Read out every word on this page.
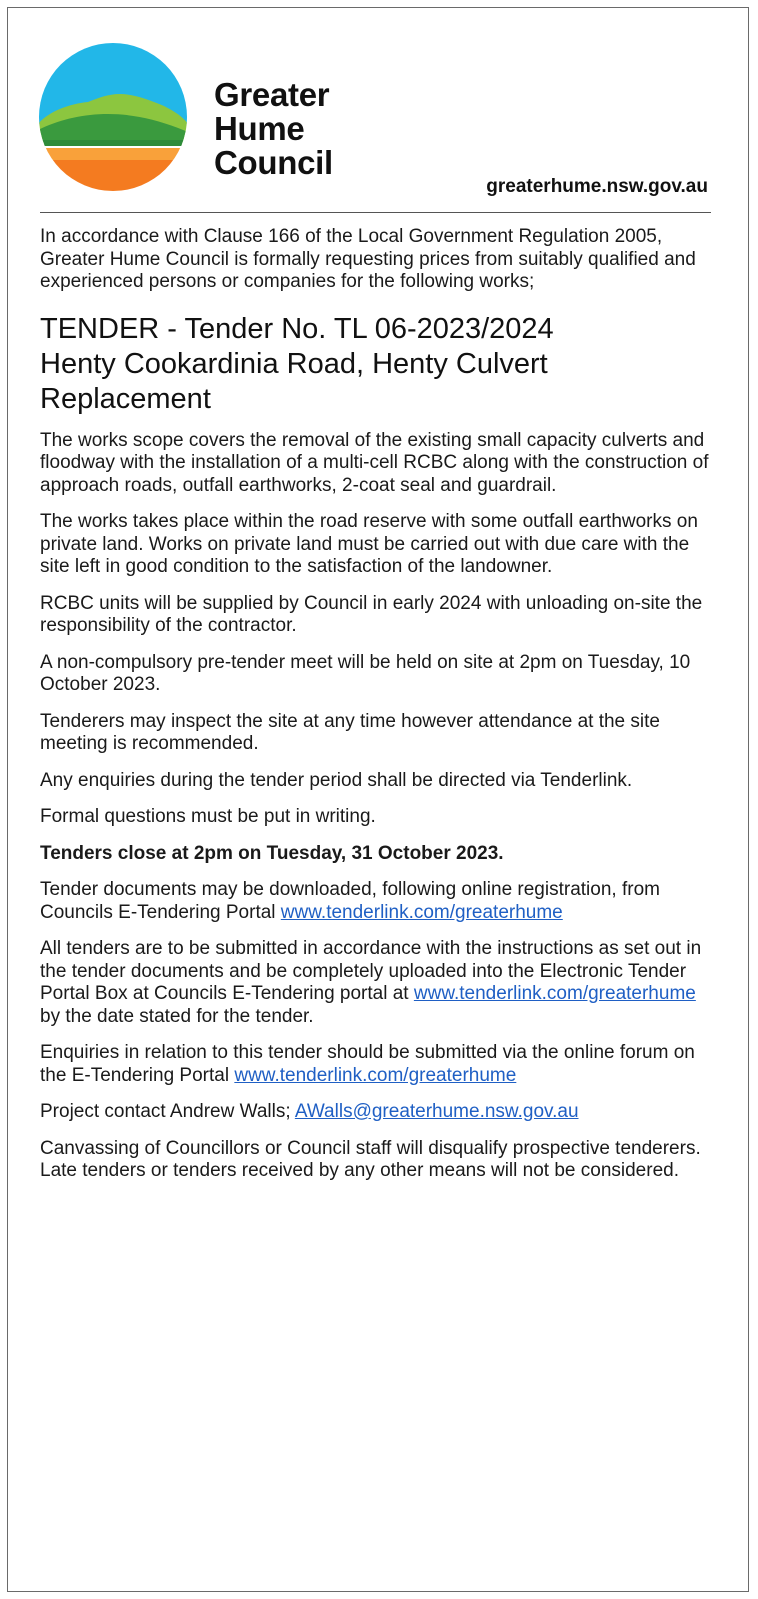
Greater
Hume
Council
greaterhume.nsw.gov.au

In accordance with Clause 166 of the Local Government Regulation 2005, Greater Hume Council is formally requesting prices from suitably qualified and experienced persons or companies for the following works;

TENDER - Tender No. TL 06-2023/2024
Henty Cookardinia Road, Henty Culvert
Replacement

The works scope covers the removal of the existing small capacity culverts and floodway with the installation of a multi-cell RCBC along with the construction of approach roads, outfall earthworks, 2-coat seal and guardrail.

The works takes place within the road reserve with some outfall earthworks on private land. Works on private land must be carried out with due care with the site left in good condition to the satisfaction of the landowner.

RCBC units will be supplied by Council in early 2024 with unloading on-site the responsibility of the contractor.

A non-compulsory pre-tender meet will be held on site at 2pm on Tuesday, 10 October 2023.

Tenderers may inspect the site at any time however attendance at the site meeting is recommended.

Any enquiries during the tender period shall be directed via Tenderlink.

Formal questions must be put in writing.

Tenders close at 2pm on Tuesday, 31 October 2023.

Tender documents may be downloaded, following online registration, from Councils E-Tendering Portal www.tenderlink.com/greaterhume

All tenders are to be submitted in accordance with the instructions as set out in the tender documents and be completely uploaded into the Electronic Tender Portal Box at Councils E-Tendering portal at www.tenderlink.com/greaterhume by the date stated for the tender.

Enquiries in relation to this tender should be submitted via the online forum on the E-Tendering Portal www.tenderlink.com/greaterhume

Project contact Andrew Walls; AWalls@greaterhume.nsw.gov.au

Canvassing of Councillors or Council staff will disqualify prospective tenderers. Late tenders or tenders received by any other means will not be considered.
